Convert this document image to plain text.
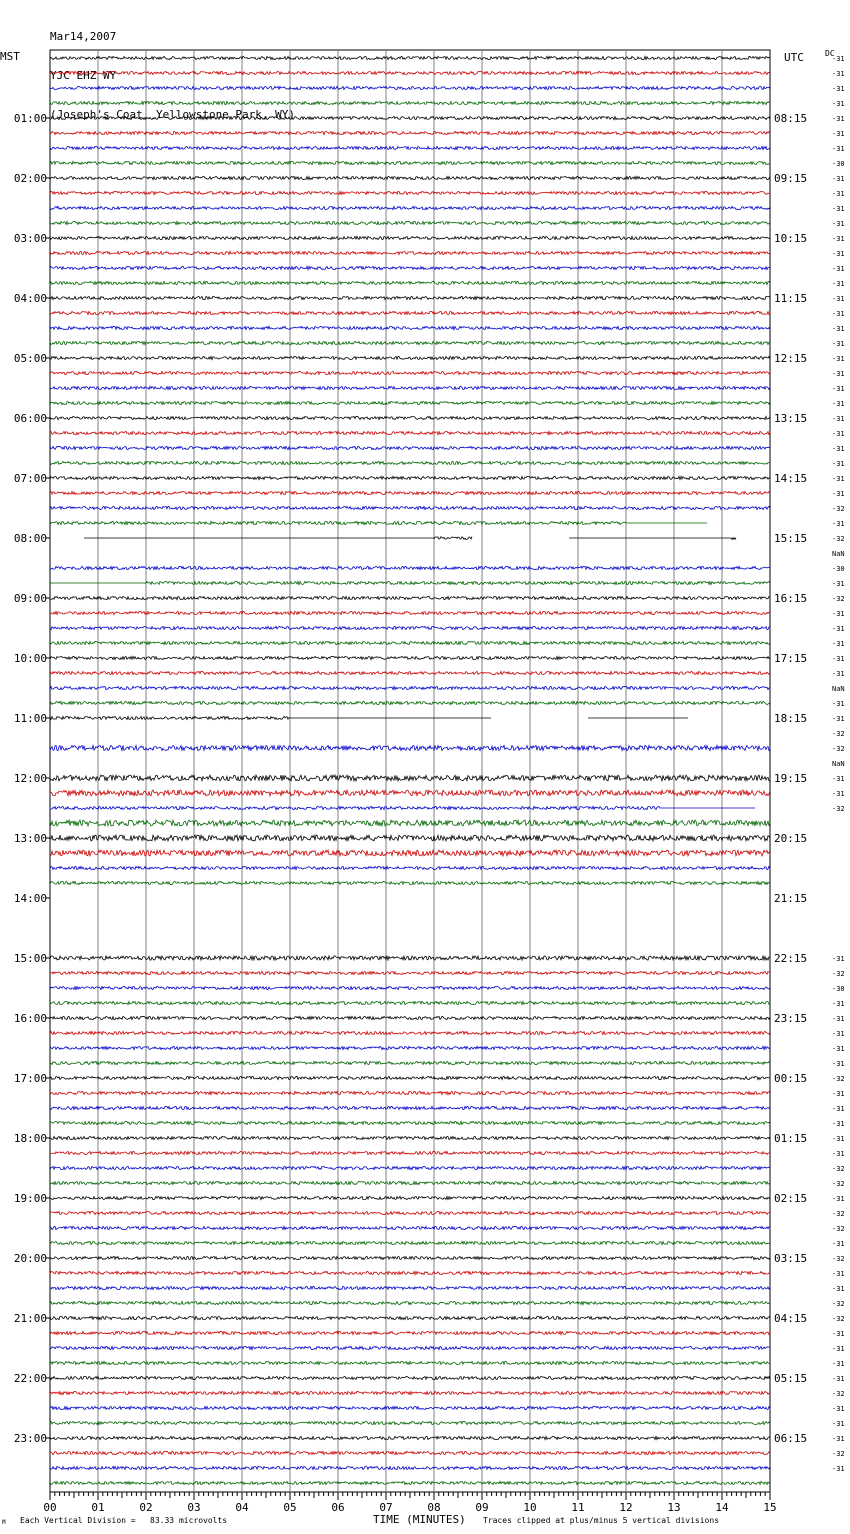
Mar14,2007

YJC EHZ WY

(Joseph's Coat, Yellowstone Park, WY)

MST	UTC	DC
-31
-31
-31
-31
-31
-31
-31
-30
-31
-31
-31
-31
-31
-31
-31
-31
-31
-31
-31
-31
-31
-31
-31
-31
-31
-31
-31
-31
-31
-31
-32
-31
-32
NaN
-30
-31
-32
-31
-31
-31
-31
-31
NaN
-31
-31
-32
-32
NaN
-31
-31
-32
-31
-32
-30
-31
-31
-31
-31
-31
-32
-31
-31
-31
-31
-31
-32
-32
-31
-32
-32
-31
-32
-31
-31
-32
-32
-31
-31
-31
-31
-32
-31
-31
-31
-32
-31
01:00
02:00
03:00
04:00
05:00
06:00
07:00
08:00
09:00
10:00
11:00
12:00
13:00
14:00
15:00
16:00
17:00
18:00
19:00
20:00
21:00
22:00
23:00
08:15
09:15
10:15
11:15
12:15
13:15
14:15
15:15
16:15
17:15
18:15
19:15
20:15
21:15
22:15
23:15
00:15
01:15
02:15
03:15
04:15
05:15
06:15
00	01	02	03	04	05	06	07	08	09	10	11	12	13	14	15
M Each Vertical Division =   83.33 microvolts	TIME (MINUTES) Traces clipped at plus/minus 5 vertical divisions
